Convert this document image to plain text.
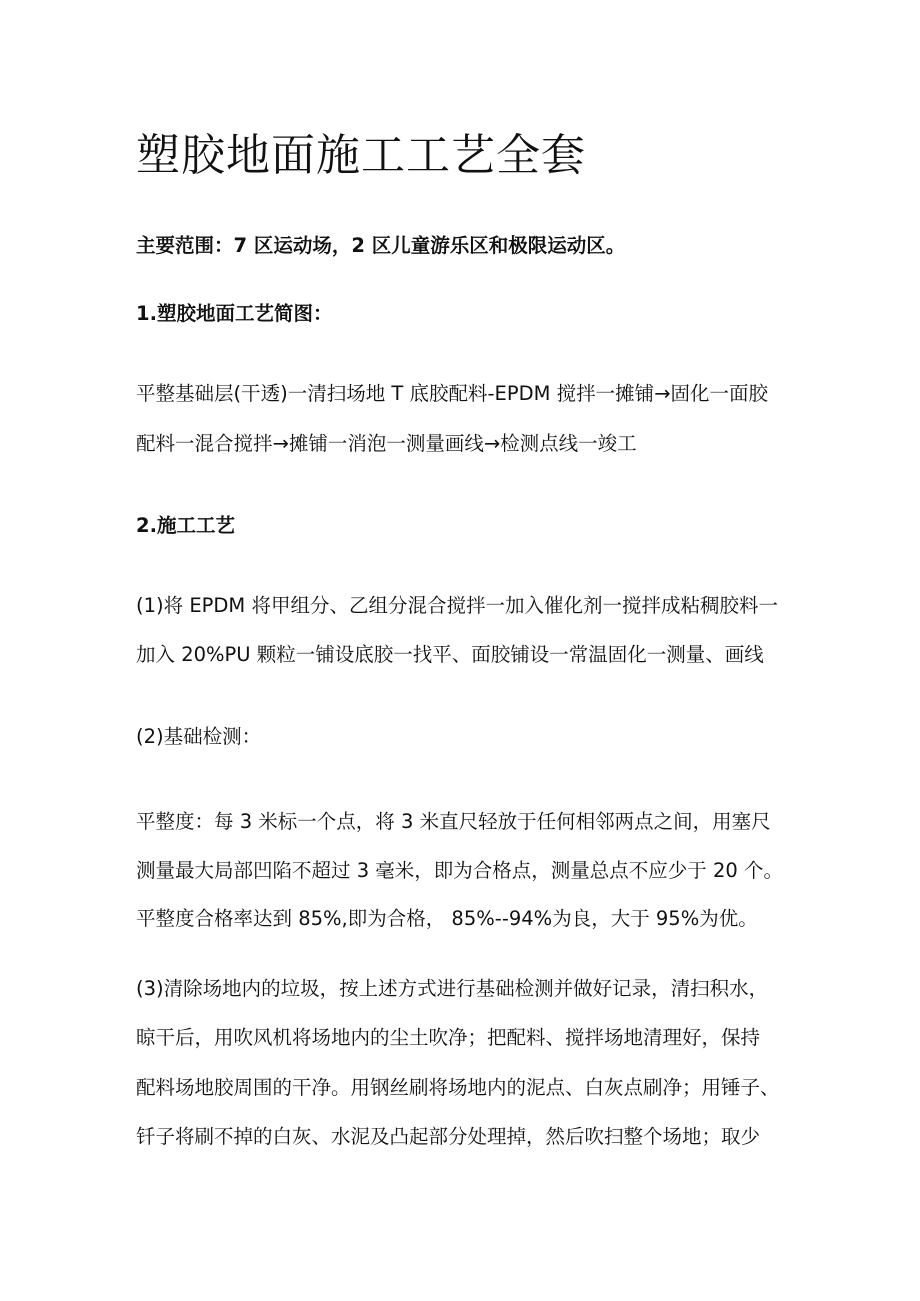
塑胶地面施工工艺全套

主要范围：7 区运动场，2 区儿童游乐区和极限运动区。

1.塑胶地面工艺简图：

平整基础层(干透)一清扫场地 T 底胶配料-EPDM 搅拌一摊铺→固化一面胶

配料一混合搅拌→摊铺一消泡一测量画线→检测点线一竣工

2.施工工艺

(1)将 EPDM 将甲组分、乙组分混合搅拌一加入催化剂一搅拌成粘稠胶料一

加入 20%PU 颗粒一铺设底胶一找平、面胶铺设一常温固化一测量、画线

(2)基础检测：

平整度：每 3 米标一个点，将 3 米直尺轻放于任何相邻两点之间，用塞尺

测量最大局部凹陷不超过 3 毫米，即为合格点，测量总点不应少于 20 个。

平整度合格率达到 85%,即为合格， 85%--94%为良，大于 95%为优。

(3)清除场地内的垃圾，按上述方式进行基础检测并做好记录，清扫积水，

晾干后，用吹风机将场地内的尘土吹净；把配料、搅拌场地清理好，保持

配料场地胶周围的干净。用钢丝刷将场地内的泥点、白灰点刷净；用锤子、

钎子将刷不掉的白灰、水泥及凸起部分处理掉，然后吹扫整个场地；取少
